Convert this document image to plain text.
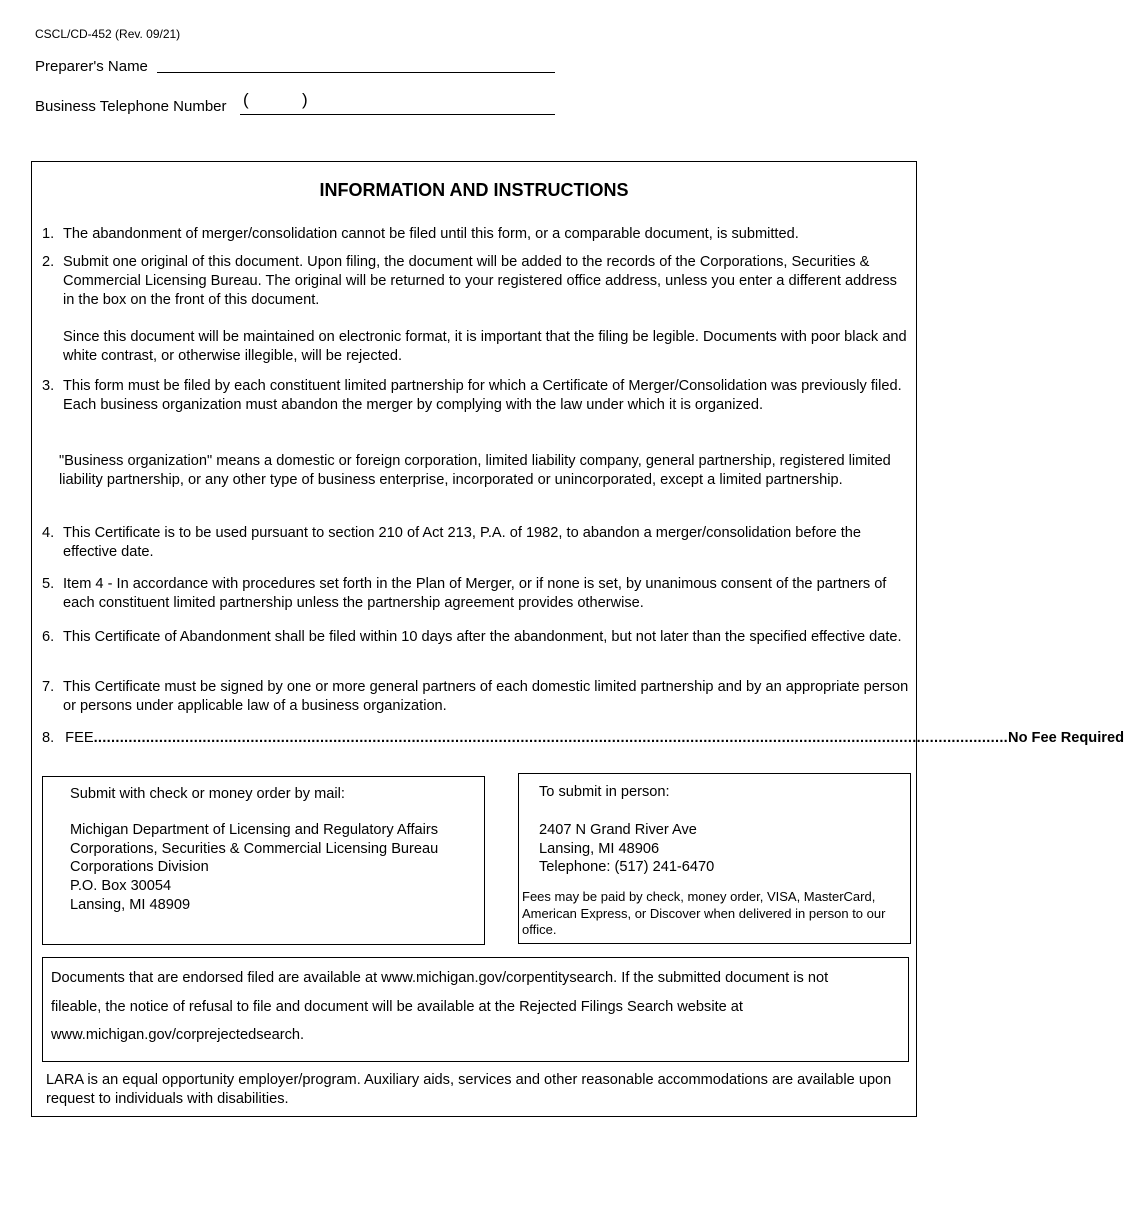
CSCL/CD-452 (Rev. 09/21)
Preparer's Name
Business Telephone Number (	)
INFORMATION AND INSTRUCTIONS
1. The abandonment of merger/consolidation cannot be filed until this form, or a comparable document, is submitted.
2. Submit one original of this document. Upon filing, the document will be added to the records of the Corporations, Securities & Commercial Licensing Bureau. The original will be returned to your registered office address, unless you enter a different address in the box on the front of this document.
Since this document will be maintained on electronic format, it is important that the filing be legible. Documents with poor black and white contrast, or otherwise illegible, will be rejected.
3. This form must be filed by each constituent limited partnership for which a Certificate of Merger/Consolidation was previously filed. Each business organization must abandon the merger by complying with the law under which it is organized.
"Business organization" means a domestic or foreign corporation, limited liability company, general partnership, registered limited liability partnership, or any other type of business enterprise, incorporated or unincorporated, except a limited partnership.
4. This Certificate is to be used pursuant to section 210 of Act 213, P.A. of 1982, to abandon a merger/consolidation before the effective date.
5. Item 4 - In accordance with procedures set forth in the Plan of Merger, or if none is set, by unanimous consent of the partners of each constituent limited partnership unless the partnership agreement provides otherwise.
6. This Certificate of Abandonment shall be filed within 10 days after the abandonment, but not later than the specified effective date.
7. This Certificate must be signed by one or more general partners of each domestic limited partnership and by an appropriate person or persons under applicable law of a business organization.
8. FEE .................................................................................................................................................................................................................. No Fee Required
Submit with check or money order by mail:
Michigan Department of Licensing and Regulatory Affairs
Corporations, Securities & Commercial Licensing Bureau
Corporations Division
P.O. Box 30054
Lansing, MI 48909
To submit in person:
2407 N Grand River Ave
Lansing, MI 48906
Telephone: (517) 241-6470
Fees may be paid by check, money order, VISA, MasterCard, American Express, or Discover when delivered in person to our office.
Documents that are endorsed filed are available at www.michigan.gov/corpentitysearch. If the submitted document is not
fileable, the notice of refusal to file and document will be available at the Rejected Filings Search website at
www.michigan.gov/corprejectedsearch.
LARA is an equal opportunity employer/program. Auxiliary aids, services and other reasonable accommodations are available upon request to individuals with disabilities.
